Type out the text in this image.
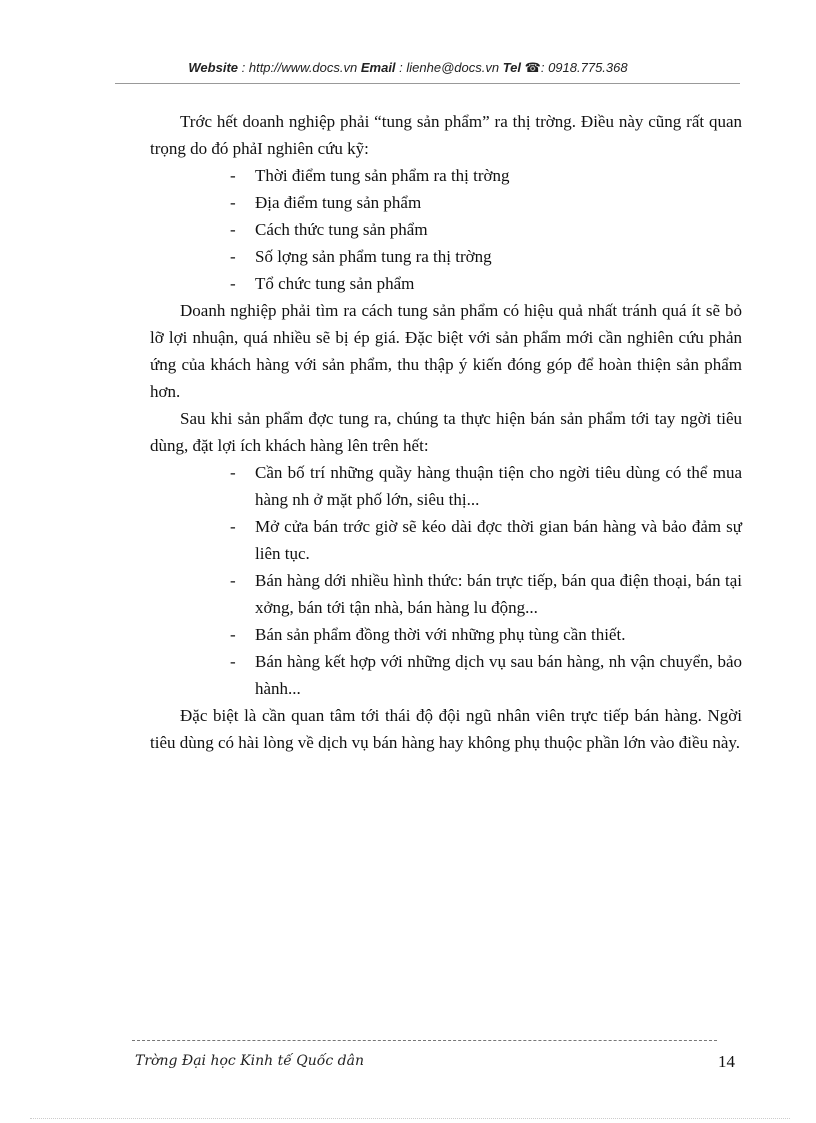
Website : http://www.docs.vn Email : lienhe@docs.vn Tel ☎: 0918.775.368

Trớc hết doanh nghiệp phải “tung sản phẩm” ra thị trờng. Điều này cũng rất quan trọng do đó phảI nghiên cứu kỹ:

- Thời điểm tung sản phẩm ra thị trờng
- Địa điểm tung sản phẩm
- Cách thức tung sản phẩm
- Số lợng sản phẩm tung ra thị trờng
- Tổ chức tung sản phẩm

Doanh nghiệp phải tìm ra cách tung sản phẩm có hiệu quả nhất tránh quá ít sẽ bỏ lỡ lợi nhuận, quá nhiều sẽ bị ép giá. Đặc biệt với sản phẩm mới cần nghiên cứu phản ứng của khách hàng với sản phẩm, thu thập ý kiến đóng góp để hoàn thiện sản phẩm hơn.

Sau khi sản phẩm đợc tung ra, chúng ta thực hiện bán sản phẩm tới tay ngời tiêu dùng, đặt lợi ích khách hàng lên trên hết:

- Cần bố trí những quầy hàng thuận tiện cho ngời tiêu dùng có thể mua hàng nh ở mặt phố lớn, siêu thị...
- Mở cửa bán trớc giờ sẽ kéo dài đợc thời gian bán hàng và bảo đảm sự liên tục.
- Bán hàng dới nhiều hình thức: bán trực tiếp, bán qua điện thoại, bán tại xởng, bán tới tận nhà, bán hàng lu động...
- Bán sản phẩm đồng thời với những phụ tùng cần thiết.
- Bán hàng kết hợp với những dịch vụ sau bán hàng, nh vận chuyển, bảo hành...

Đặc biệt là cần quan tâm tới thái độ đội ngũ nhân viên trực tiếp bán hàng. Ngời tiêu dùng có hài lòng về dịch vụ bán hàng hay không phụ thuộc phần lớn vào điều này.

Trờng Đại học Kinh tế Quốc dân	14
